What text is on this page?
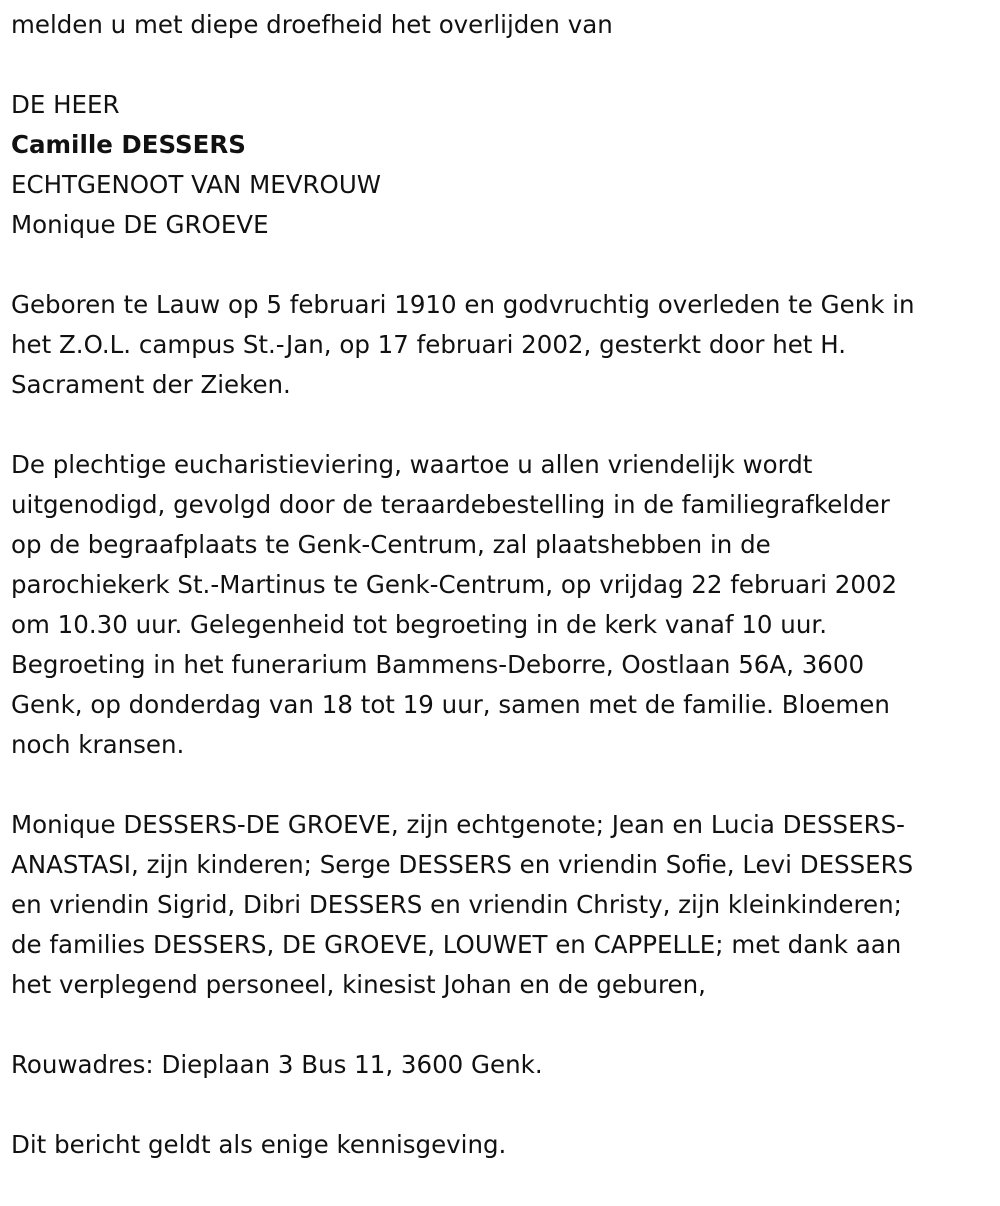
melden u met diepe droefheid het overlijden van

DE HEER

Camille DESSERS

ECHTGENOOT VAN MEVROUW

Monique DE GROEVE

Geboren te Lauw op 5 februari 1910 en godvruchtig overleden te Genk in

het Z.O.L. campus St.-Jan, op 17 februari 2002, gesterkt door het H.

Sacrament der Zieken.

De plechtige eucharistieviering, waartoe u allen vriendelijk wordt

uitgenodigd, gevolgd door de teraardebestelling in de familiegrafkelder

op de begraafplaats te Genk-Centrum, zal plaatshebben in de

parochiekerk St.-Martinus te Genk-Centrum, op vrijdag 22 februari 2002

om 10.30 uur. Gelegenheid tot begroeting in de kerk vanaf 10 uur.

Begroeting in het funerarium Bammens-Deborre, Oostlaan 56A, 3600

Genk, op donderdag van 18 tot 19 uur, samen met de familie. Bloemen

noch kransen.

Monique DESSERS-DE GROEVE, zijn echtgenote; Jean en Lucia DESSERS-

ANASTASI, zijn kinderen; Serge DESSERS en vriendin Sofie, Levi DESSERS

en vriendin Sigrid, Dibri DESSERS en vriendin Christy, zijn kleinkinderen;

de families DESSERS, DE GROEVE, LOUWET en CAPPELLE; met dank aan

het verplegend personeel, kinesist Johan en de geburen,

Rouwadres: Dieplaan 3 Bus 11, 3600 Genk.

Dit bericht geldt als enige kennisgeving.
